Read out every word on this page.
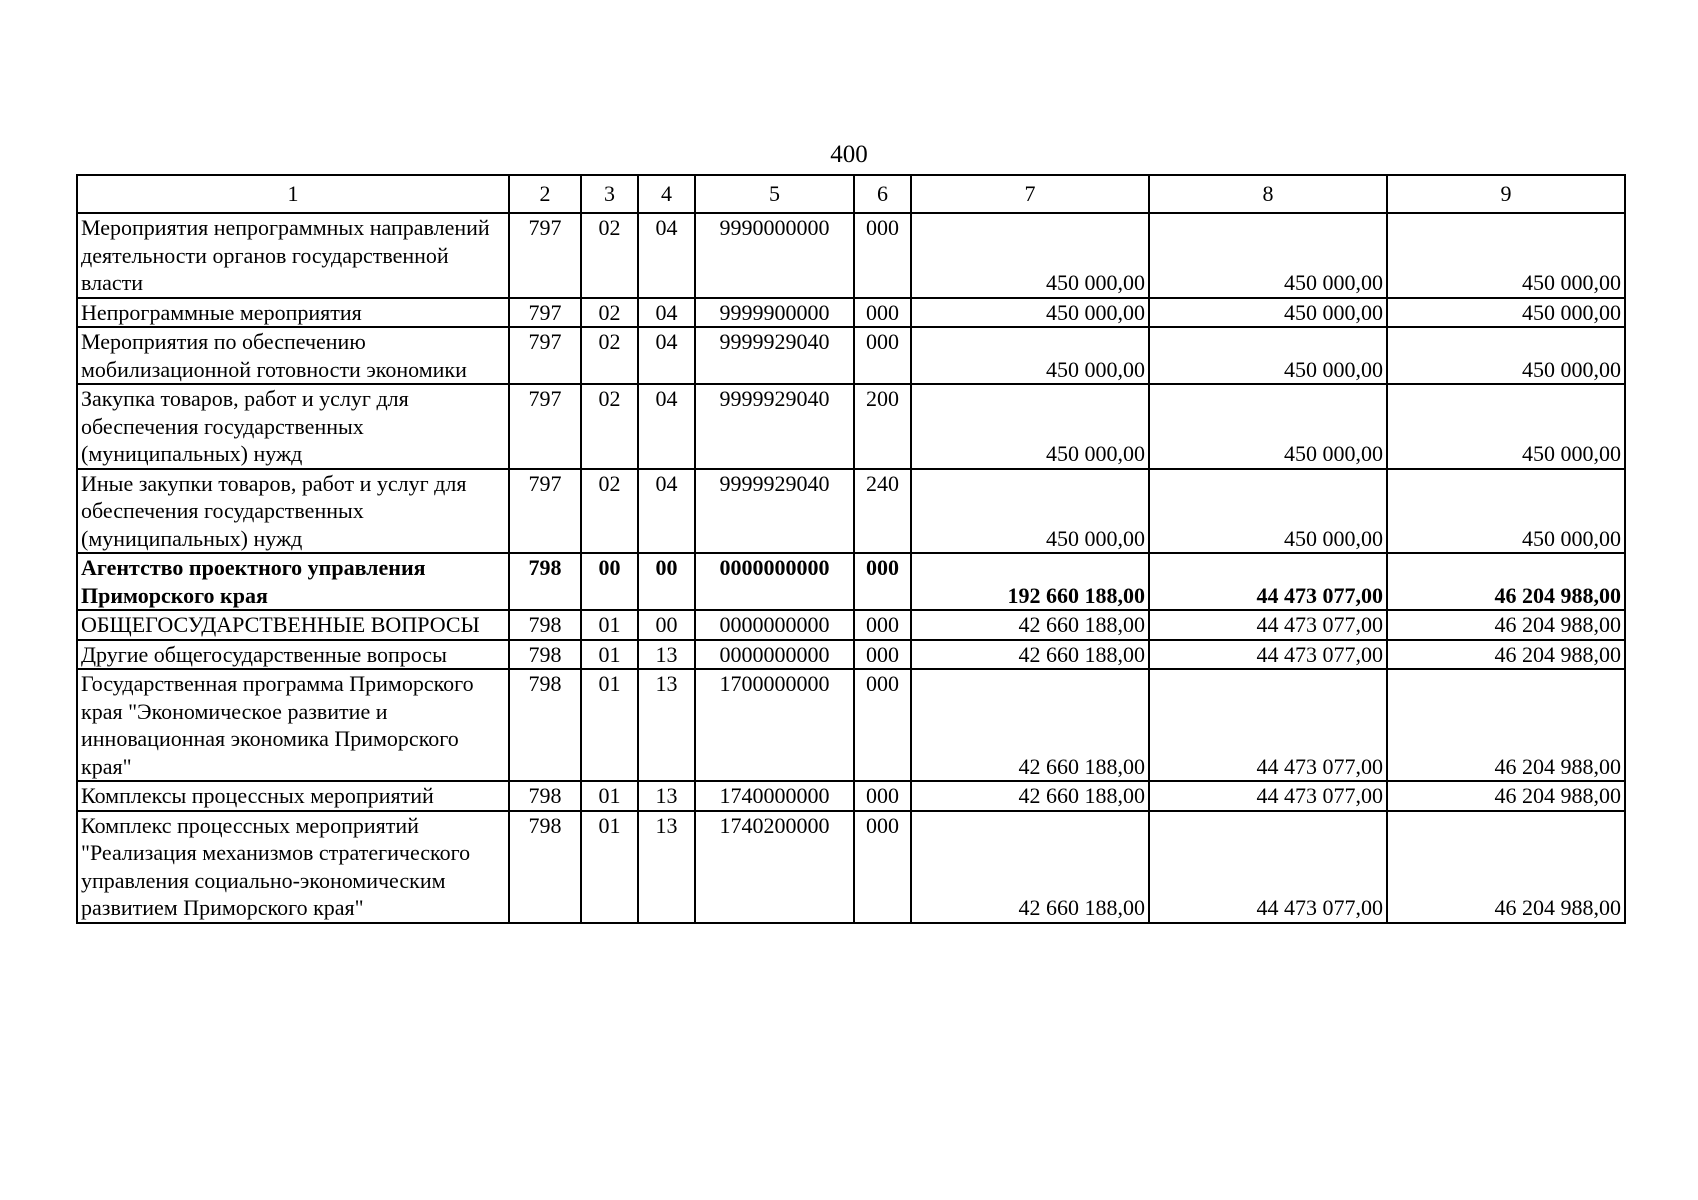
400
1	2	3	4	5	6	7	8	9
Мероприятия непрограммных направлений деятельности органов государственной власти	797	02	04	9990000000	000	450 000,00	450 000,00	450 000,00
Непрограммные мероприятия	797	02	04	9999900000	000	450 000,00	450 000,00	450 000,00
Мероприятия по обеспечению мобилизационной готовности экономики	797	02	04	9999929040	000	450 000,00	450 000,00	450 000,00
Закупка товаров, работ и услуг для обеспечения государственных (муниципальных) нужд	797	02	04	9999929040	200	450 000,00	450 000,00	450 000,00
Иные закупки товаров, работ и услуг для обеспечения государственных (муниципальных) нужд	797	02	04	9999929040	240	450 000,00	450 000,00	450 000,00
Агентство проектного управления Приморского края	798	00	00	0000000000	000	192 660 188,00	44 473 077,00	46 204 988,00
ОБЩЕГОСУДАРСТВЕННЫЕ ВОПРОСЫ	798	01	00	0000000000	000	42 660 188,00	44 473 077,00	46 204 988,00
Другие общегосударственные вопросы	798	01	13	0000000000	000	42 660 188,00	44 473 077,00	46 204 988,00
Государственная программа Приморского края "Экономическое развитие и инновационная экономика Приморского края"	798	01	13	1700000000	000	42 660 188,00	44 473 077,00	46 204 988,00
Комплексы процессных мероприятий	798	01	13	1740000000	000	42 660 188,00	44 473 077,00	46 204 988,00
Комплекс процессных мероприятий "Реализация механизмов стратегического управления социально-экономическим развитием Приморского края"	798	01	13	1740200000	000	42 660 188,00	44 473 077,00	46 204 988,00
